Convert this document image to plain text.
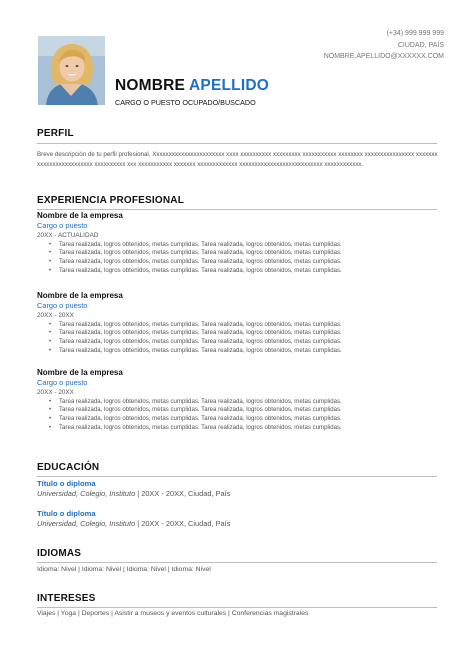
(+34) 999 999 999
CIUDAD, PAÍS
NOMBRE.APELLIDO@XXXXXX.COM
NOMBRE APELLIDO
CARGO O PUESTO OCUPADO/BUSCADO
PERFIL
Breve descripción de tu perfil profesional. Xxxxxxxxxxxxxxxxxxxxxxx xxxx xxxxxxxxxx xxxxxxxxx xxxxxxxxxxx xxxxxxxx xxxxxxxxxxxxxxxx xxxxxxxxxxxxxxxxxxxxxxxxx xxxxxxxxxx xxx xxxxxxxxxxx xxxxxxx xxxxxxxxxxxxx xxxxxxxxxxxxxxxxxxxxxxxxxxx xxxxxxxxxxxx.
EXPERIENCIA PROFESIONAL
Nombre de la empresa
Cargo o puesto
20XX - ACTUALIDAD
• Tarea realizada, logros obtenidos, metas cumplidas. Tarea realizada, logros obtenidos, metas cumplidas.
• Tarea realizada, logros obtenidos, metas cumplidas. Tarea realizada, logros obtenidos, metas cumplidas.
• Tarea realizada, logros obtenidos, metas cumplidas. Tarea realizada, logros obtenidos, metas cumplidas.
• Tarea realizada, logros obtenidos, metas cumplidas. Tarea realizada, logros obtenidos, metas cumplidas.
Nombre de la empresa
Cargo o puesto
20XX - 20XX
• Tarea realizada, logros obtenidos, metas cumplidas. Tarea realizada, logros obtenidos, metas cumplidas.
• Tarea realizada, logros obtenidos, metas cumplidas. Tarea realizada, logros obtenidos, metas cumplidas.
• Tarea realizada, logros obtenidos, metas cumplidas. Tarea realizada, logros obtenidos, metas cumplidas.
• Tarea realizada, logros obtenidos, metas cumplidas. Tarea realizada, logros obtenidos, metas cumplidas.
Nombre de la empresa
Cargo o puesto
20XX - 20XX
• Tarea realizada, logros obtenidos, metas cumplidas. Tarea realizada, logros obtenidos, metas cumplidas.
• Tarea realizada, logros obtenidos, metas cumplidas. Tarea realizada, logros obtenidos, metas cumplidas.
• Tarea realizada, logros obtenidos, metas cumplidas. Tarea realizada, logros obtenidos, metas cumplidas.
• Tarea realizada, logros obtenidos, metas cumplidas. Tarea realizada, logros obtenidos, metas cumplidas.
EDUCACIÓN
Título o diploma
Universidad, Colegio, Instituto | 20XX - 20XX, Ciudad, País
Título o diploma
Universidad, Colegio, Instituto | 20XX - 20XX, Ciudad, País
IDIOMAS
Idioma: Nivel | Idioma: Nivel | Idioma: Nivel | Idioma: Nivel
INTERESES
Viajes | Yoga | Deportes | Asistir a museos y eventos culturales | Conferencias magistrales
